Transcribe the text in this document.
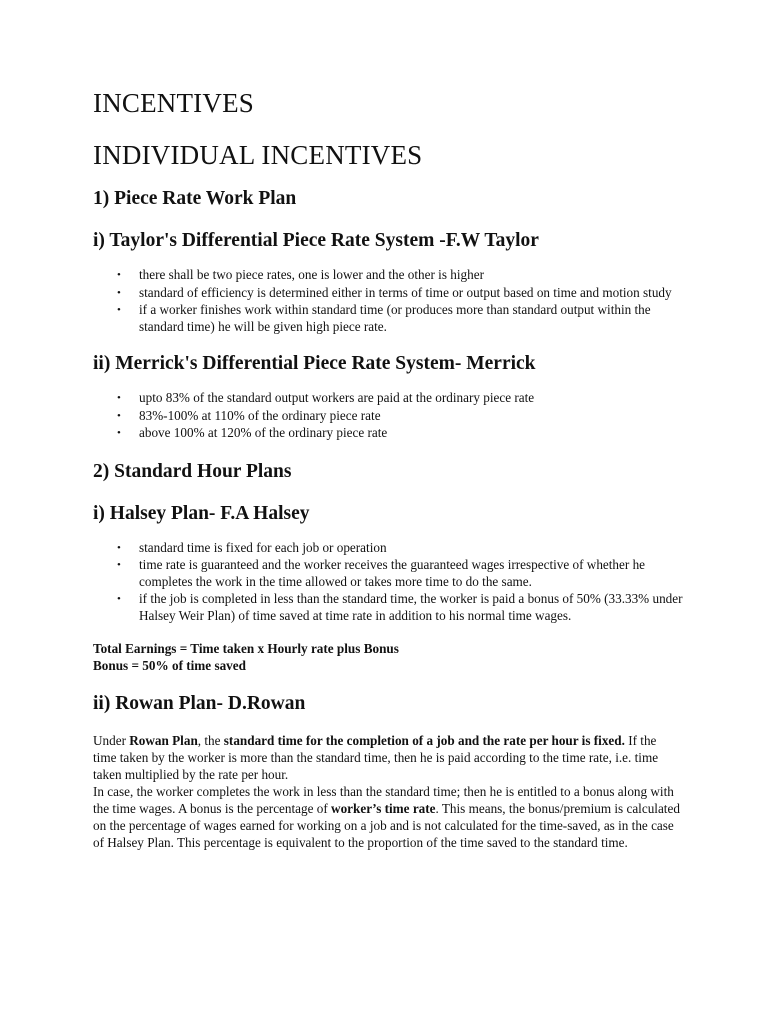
INCENTIVES
INDIVIDUAL INCENTIVES
1) Piece Rate Work Plan
i) Taylor's Differential Piece Rate System -F.W Taylor
• there shall be two piece rates, one is lower and the other is higher
• standard of efficiency is determined either in terms of time or output based on time and motion study
• if a worker finishes work within standard time (or produces more than standard output within the standard time) he will be given high piece rate.
ii) Merrick's Differential Piece Rate System- Merrick
• upto 83% of the standard output workers are paid at the ordinary piece rate
• 83%-100% at 110% of the ordinary piece rate
• above 100% at 120% of the ordinary piece rate
2) Standard Hour Plans
i) Halsey Plan- F.A Halsey
• standard time is fixed for each job or operation
• time rate is guaranteed and the worker receives the guaranteed wages irrespective of whether he completes the work in the time allowed or takes more time to do the same.
• if the job is completed in less than the standard time, the worker is paid a bonus of 50% (33.33% under Halsey Weir Plan) of time saved at time rate in addition to his normal time wages.
Total Earnings = Time taken x Hourly rate plus Bonus
Bonus = 50% of time saved
ii) Rowan Plan- D.Rowan

Under Rowan Plan, the standard time for the completion of a job and the rate per hour is fixed. If the time taken by the worker is more than the standard time, then he is paid according to the time rate, i.e. time taken multiplied by the rate per hour.

In case, the worker completes the work in less than the standard time; then he is entitled to a bonus along with the time wages. A bonus is the percentage of worker’s time rate. This means, the bonus/premium is calculated on the percentage of wages earned for working on a job and is not calculated for the time-saved, as in the case of Halsey Plan. This percentage is equivalent to the proportion of the time saved to the standard time.
